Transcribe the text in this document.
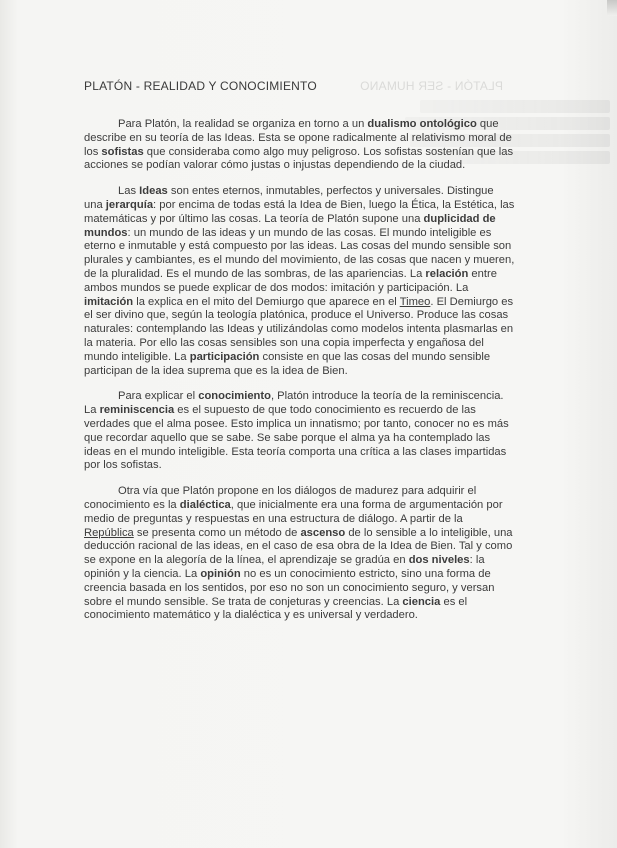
PLATÓN - SER HUMANO
PLATÓN - REALIDAD Y CONOCIMIENTO

Para Platón, la realidad se organiza en torno a un dualismo ontológico que describe en su teoría de las Ideas. Esta se opone radicalmente al relativismo moral de los sofistas que consideraba como algo muy peligroso. Los sofistas sostenían que las acciones se podían valorar cómo justas o injustas dependiendo de la ciudad.

Las Ideas son entes eternos, inmutables, perfectos y universales. Distingue una jerarquía: por encima de todas está la Idea de Bien, luego la Ética, la Estética, las matemáticas y por último las cosas. La teoría de Platón supone una duplicidad de mundos: un mundo de las ideas y un mundo de las cosas. El mundo inteligible es eterno e inmutable y está compuesto por las ideas. Las cosas del mundo sensible son plurales y cambiantes, es el mundo del movimiento, de las cosas que nacen y mueren, de la pluralidad. Es el mundo de las sombras, de las apariencias. La relación entre ambos mundos se puede explicar de dos modos: imitación y participación. La imitación la explica en el mito del Demiurgo que aparece en el Timeo. El Demiurgo es el ser divino que, según la teología platónica, produce el Universo. Produce las cosas naturales: contemplando las Ideas y utilizándolas como modelos intenta plasmarlas en la materia. Por ello las cosas sensibles son una copia imperfecta y engañosa del mundo inteligible. La participación consiste en que las cosas del mundo sensible participan de la idea suprema que es la idea de Bien.

Para explicar el conocimiento, Platón introduce la teoría de la reminiscencia. La reminiscencia es el supuesto de que todo conocimiento es recuerdo de las verdades que el alma posee. Esto implica un innatismo; por tanto, conocer no es más que recordar aquello que se sabe. Se sabe porque el alma ya ha contemplado las ideas en el mundo inteligible. Esta teoría comporta una crítica a las clases impartidas por los sofistas.

Otra vía que Platón propone en los diálogos de madurez para adquirir el conocimiento es la dialéctica, que inicialmente era una forma de argumentación por medio de preguntas y respuestas en una estructura de diálogo. A partir de la República se presenta como un método de ascenso de lo sensible a lo inteligible, una deducción racional de las ideas, en el caso de esa obra de la Idea de Bien. Tal y como se expone en la alegoría de la línea, el aprendizaje se gradúa en dos niveles: la opinión y la ciencia. La opinión no es un conocimiento estricto, sino una forma de creencia basada en los sentidos, por eso no son un conocimiento seguro, y versan sobre el mundo sensible. Se trata de conjeturas y creencias. La ciencia es el conocimiento matemático y la dialéctica y es universal y verdadero.
